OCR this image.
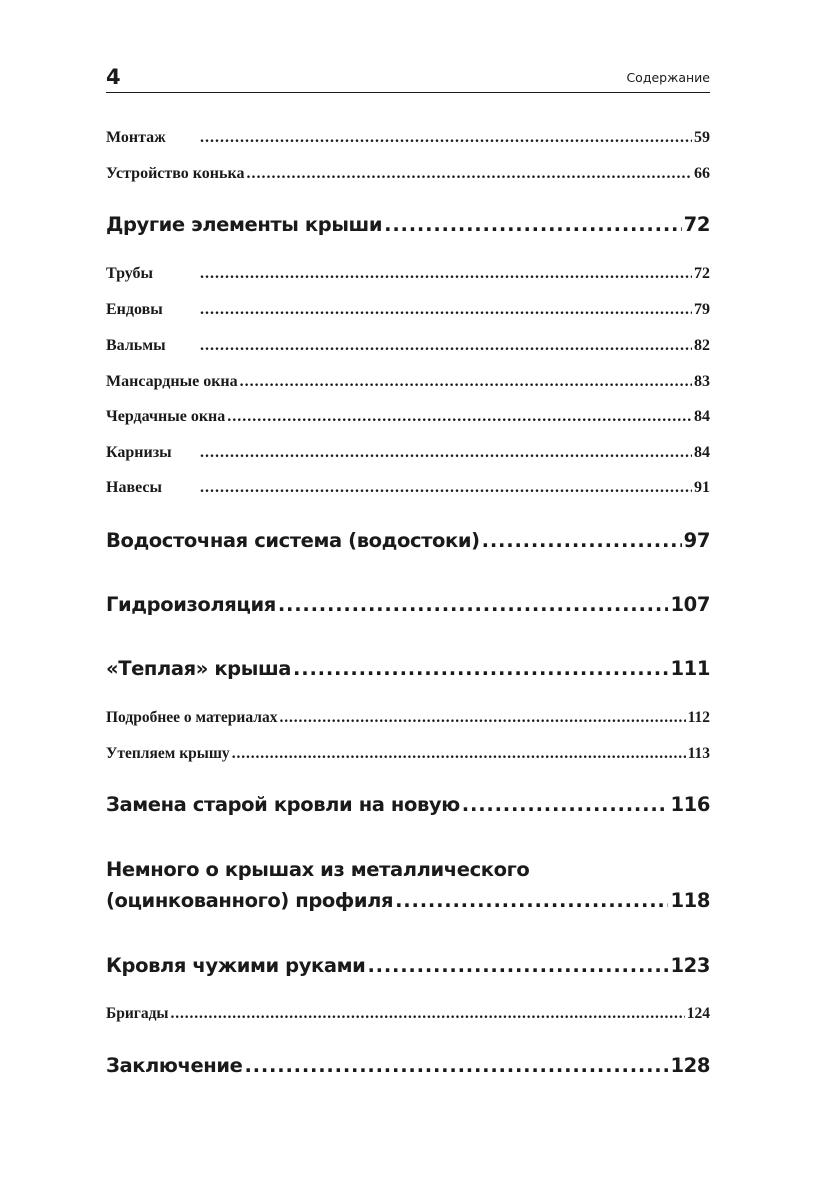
4	Содержание
Монтаж . . .	59
Устройство конька . . .	66
Другие элементы крыши . . .	72
Трубы . . .	72
Ендовы . . .	79
Вальмы . . .	82
Мансардные окна . . .	83
Чердачные окна . . .	84
Карнизы . . .	84
Навесы . . .	91
Водосточная система (водостоки) . . .	97
Гидроизоляция . . .	107
«Теплая» крыша . . .	111
Подробнее о материалах . . .	112
Утепляем крышу . . .	113
Замена старой кровли на новую . . .	116
Немного о крышах из металлического
(оцинкованного) профиля . . .	118
Кровля чужими руками . . .	123
Бригады . . .	124
Заключение . . .	128
